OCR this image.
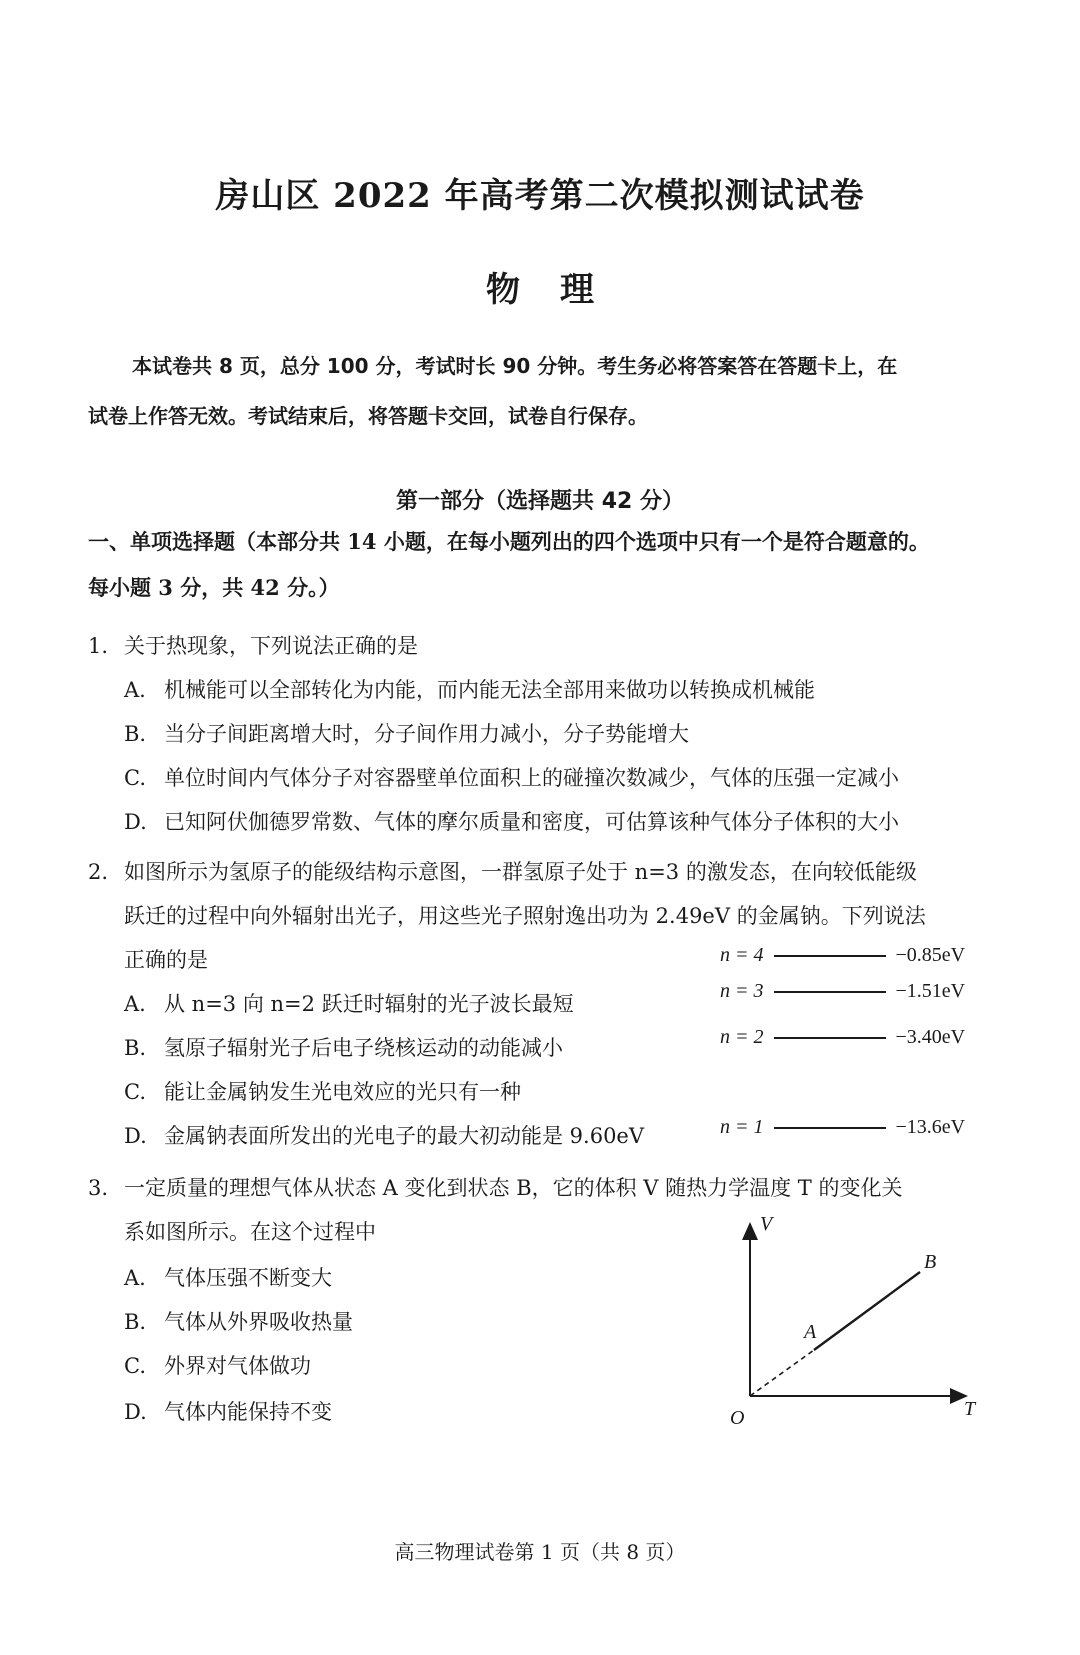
房山区 2022 年高考第二次模拟测试试卷
物理
本试卷共 8 页，总分 100 分，考试时长 90 分钟。考生务必将答案答在答题卡上，在
试卷上作答无效。考试结束后，将答题卡交回，试卷自行保存。
第一部分（选择题共 42 分）
一、单项选择题（本部分共 14 小题，在每小题列出的四个选项中只有一个是符合题意的。
每小题 3 分，共 42 分。）
1. 关于热现象，下列说法正确的是
A. 机械能可以全部转化为内能，而内能无法全部用来做功以转换成机械能
B. 当分子间距离增大时，分子间作用力减小，分子势能增大
C. 单位时间内气体分子对容器壁单位面积上的碰撞次数减少，气体的压强一定减小
D. 已知阿伏伽德罗常数、气体的摩尔质量和密度，可估算该种气体分子体积的大小
2. 如图所示为氢原子的能级结构示意图，一群氢原子处于 n=3 的激发态，在向较低能级
跃迁的过程中向外辐射出光子，用这些光子照射逸出功为 2.49eV 的金属钠。下列说法
正确的是
A. 从 n=3 向 n=2 跃迁时辐射的光子波长最短
B. 氢原子辐射光子后电子绕核运动的动能减小
C. 能让金属钠发生光电效应的光只有一种
D. 金属钠表面所发出的光电子的最大初动能是 9.60eV
n = 4	−0.85eV
n = 3	−1.51eV
n = 2	−3.40eV
n = 1	−13.6eV
3. 一定质量的理想气体从状态 A 变化到状态 B，它的体积 V 随热力学温度 T 的变化关
系如图所示。在这个过程中
A. 气体压强不断变大
B. 气体从外界吸收热量
C. 外界对气体做功
D. 气体内能保持不变
V
T
O
A
B
高三物理试卷第 1 页（共 8 页）
